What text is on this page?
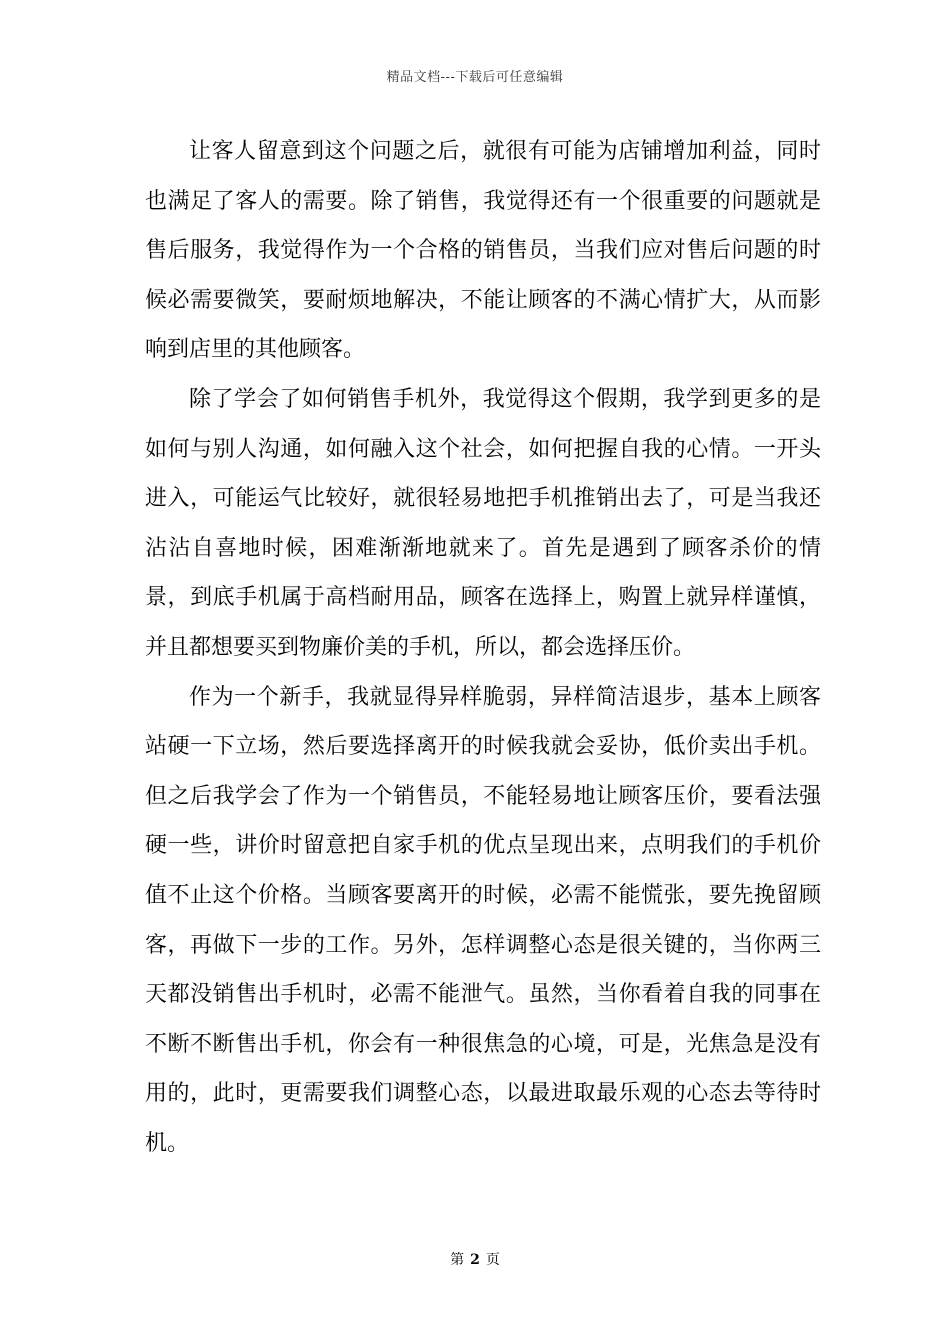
精品文档---下载后可任意编辑

让客人留意到这个问题之后，就很有可能为店铺增加利益，同时也满足了客人的需要。除了销售，我觉得还有一个很重要的问题就是售后服务，我觉得作为一个合格的销售员，当我们应对售后问题的时候必需要微笑，要耐烦地解决，不能让顾客的不满心情扩大，从而影响到店里的其他顾客。

除了学会了如何销售手机外，我觉得这个假期，我学到更多的是如何与别人沟通，如何融入这个社会，如何把握自我的心情。一开头进入，可能运气比较好，就很轻易地把手机推销出去了，可是当我还沾沾自喜地时候，困难渐渐地就来了。首先是遇到了顾客杀价的情景，到底手机属于高档耐用品，顾客在选择上，购置上就异样谨慎，并且都想要买到物廉价美的手机，所以，都会选择压价。

作为一个新手，我就显得异样脆弱，异样简洁退步，基本上顾客站硬一下立场，然后要选择离开的时候我就会妥协，低价卖出手机。但之后我学会了作为一个销售员，不能轻易地让顾客压价，要看法强硬一些，讲价时留意把自家手机的优点呈现出来，点明我们的手机价值不止这个价格。当顾客要离开的时候，必需不能慌张，要先挽留顾客，再做下一步的工作。另外，怎样调整心态是很关键的，当你两三天都没销售出手机时，必需不能泄气。虽然，当你看着自我的同事在不断不断售出手机，你会有一种很焦急的心境，可是，光焦急是没有用的，此时，更需要我们调整心态，以最进取最乐观的心态去等待时机。

第 2 页
